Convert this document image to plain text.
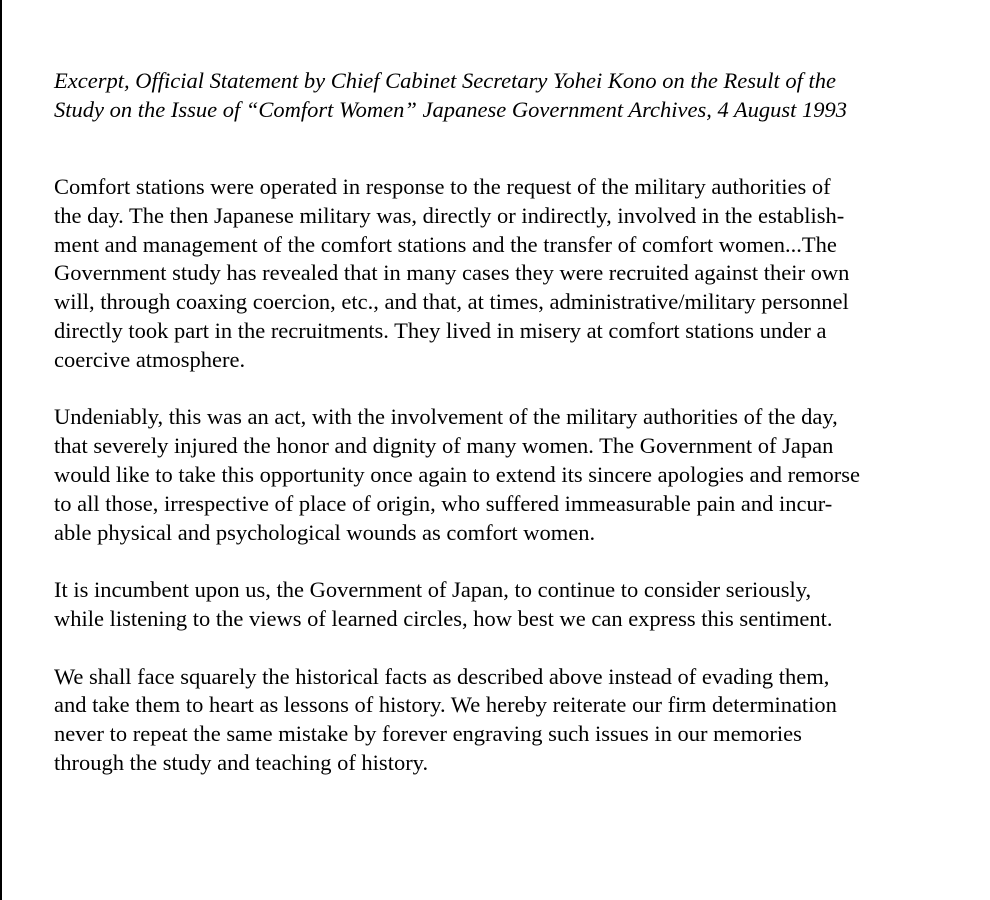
Excerpt, Official Statement by Chief Cabinet Secretary Yohei Kono on the Result of the
Study on the Issue of “Comfort Women” Japanese Government Archives, 4 August 1993

Comfort stations were operated in response to the request of the military authorities of
the day. The then Japanese military was, directly or indirectly, involved in the establish-
ment and management of the comfort stations and the transfer of comfort women...The
Government study has revealed that in many cases they were recruited against their own
will, through coaxing coercion, etc., and that, at times, administrative/military personnel
directly took part in the recruitments. They lived in misery at comfort stations under a
coercive atmosphere.

Undeniably, this was an act, with the involvement of the military authorities of the day,
that severely injured the honor and dignity of many women. The Government of Japan
would like to take this opportunity once again to extend its sincere apologies and remorse
to all those, irrespective of place of origin, who suffered immeasurable pain and incur-
able physical and psychological wounds as comfort women.

It is incumbent upon us, the Government of Japan, to continue to consider seriously,
while listening to the views of learned circles, how best we can express this sentiment.

We shall face squarely the historical facts as described above instead of evading them,
and take them to heart as lessons of history. We hereby reiterate our firm determination
never to repeat the same mistake by forever engraving such issues in our memories
through the study and teaching of history.
